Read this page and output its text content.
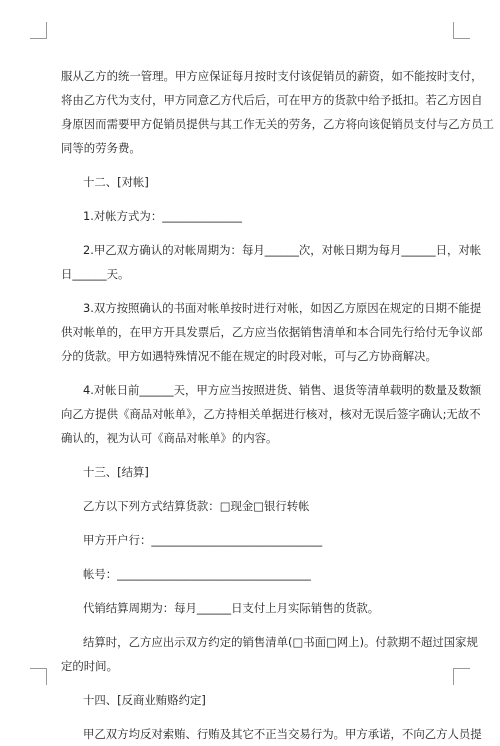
服从乙方的统一管理。甲方应保证每月按时支付该促销员的薪资，如不能按时支付，
将由乙方代为支付，甲方同意乙方代后后，可在甲方的货款中给予抵扣。若乙方因自
身原因而需要甲方促销员提供与其工作无关的劳务，乙方将向该促销员支付与乙方员工
同等的劳务费。
十二、[对帐]
1.对帐方式为：______________
2.甲乙双方确认的对帐周期为：每月______次，对帐日期为每月______日，对帐
日______天。
3.双方按照确认的书面对帐单按时进行对帐，如因乙方原因在规定的日期不能提
供对帐单的，在甲方开具发票后，乙方应当依据销售清单和本合同先行给付无争议部
分的货款。甲方如遇特殊情况不能在规定的时段对帐，可与乙方协商解决。
4.对帐日前______天，甲方应当按照进货、销售、退货等清单载明的数量及数额
向乙方提供《商品对帐单》，乙方持相关单据进行核对，核对无误后签字确认;无故不
确认的，视为认可《商品对帐单》的内容。
十三、[结算]
乙方以下列方式结算货款：□现金□银行转帐
甲方开户行：______________________________
帐号：__________________________________
代销结算周期为：每月______日支付上月实际销售的货款。
结算时，乙方应出示双方约定的销售清单(□书面□网上)。付款期不超过国家规
定的时间。
十四、[反商业贿赂约定]
甲乙双方均反对索贿、行贿及其它不正当交易行为。甲方承诺，不向乙方人员提
